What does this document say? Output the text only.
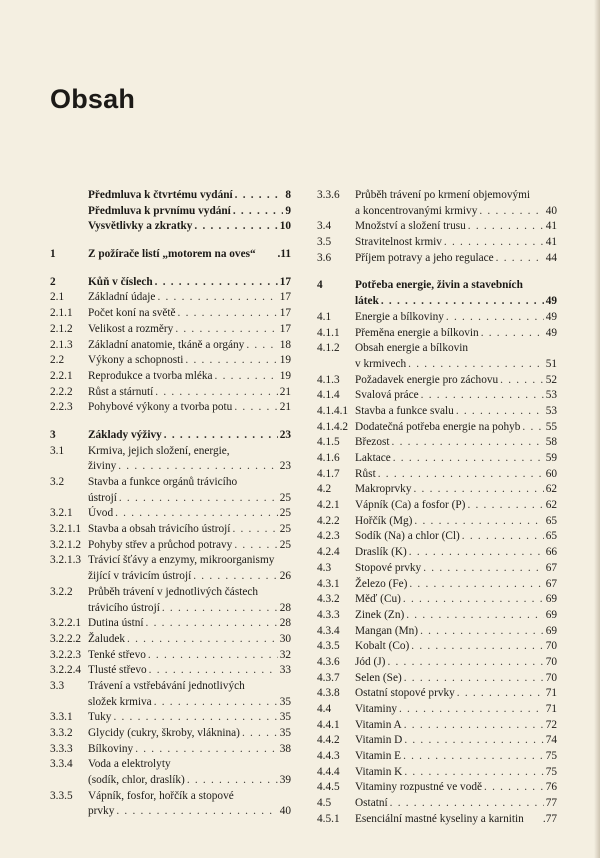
Obsah
Předmluva k čtvrtému vydání . . .	8
Předmluva k prvnímu vydání . . .	9
Vysvětlivky a zkratky . . .	10
1	Z požírače listí „motorem na oves“	. 11
2	Kůň v číslech . . .	17
2.1 Základní údaje . . .	17
2.1.1 Počet koní na světě . . .	17
2.1.2 Velikost a rozměry . . .	17
2.1.3 Základní anatomie, tkáně a orgány . . .	18
2.2 Výkony a schopnosti . . .	19
2.2.1 Reprodukce a tvorba mléka . . .	19
2.2.2 Růst a stárnutí . . .	21
2.2.3 Pohybové výkony a tvorba potu . . .	21
3	Základy výživy . . .	23
3.1 Krmiva, jejich složení, energie,
živiny . . .	23
3.2 Stavba a funkce orgánů trávicího
ústrojí . . .	25
3.2.1 Úvod . . .	25
3.2.1.1 Stavba a obsah trávicího ústrojí . . .	25
3.2.1.2 Pohyby střev a průchod potravy . . .	25
3.2.1.3 Trávicí šťávy a enzymy, mikroorganismy
žijící v trávicím ústrojí . . .	26
3.2.2 Průběh trávení v jednotlivých částech
trávicího ústrojí . . .	28
3.2.2.1 Dutina ústní . . .	28
3.2.2.2 Žaludek . . .	30
3.2.2.3 Tenké střevo . . .	32
3.2.2.4 Tlusté střevo . . .	33
3.3 Trávení a vstřebávání jednotlivých
složek krmiva . . .	35
3.3.1 Tuky . . .	35
3.3.2 Glycidy (cukry, škroby, vláknina) . . .	35
3.3.3 Bílkoviny . . .	38
3.3.4 Voda a elektrolyty
(sodík, chlor, draslík) . . .	39
3.3.5 Vápník, fosfor, hořčík a stopové
prvky . . .	40
3.3.6 Průběh trávení po krmení objemovými
a koncentrovanými krmivy . . .	40
3.4 Množství a složení trusu . . .	41
3.5 Stravitelnost krmiv . . .	41
3.6 Příjem potravy a jeho regulace . . .	44
4	Potřeba energie, živin a stavebních
látek . . .	49
4.1 Energie a bílkoviny . . .	49
4.1.1 Přeměna energie a bílkovin . . .	49
4.1.2 Obsah energie a bílkovin
v krmivech . . .	51
4.1.3 Požadavek energie pro záchovu . . .	52
4.1.4 Svalová práce . . .	53
4.1.4.1 Stavba a funkce svalu . . .	53
4.1.4.2 Dodatečná potřeba energie na pohyb . . . 55
4.1.5 Březost . . .	58
4.1.6 Laktace . . .	59
4.1.7 Růst . . .	60
4.2 Makroprvky . . .	62
4.2.1 Vápník (Ca) a fosfor (P) . . .	62
4.2.2 Hořčík (Mg) . . .	65
4.2.3 Sodík (Na) a chlor (Cl) . . .	65
4.2.4 Draslík (K) . . .	66
4.3 Stopové prvky . . .	67
4.3.1 Železo (Fe) . . .	67
4.3.2 Měď (Cu) . . .	69
4.3.3 Zinek (Zn) . . .	69
4.3.4 Mangan (Mn) . . .	69
4.3.5 Kobalt (Co) . . .	70
4.3.6 Jód (J) . . .	70
4.3.7 Selen (Se) . . .	70
4.3.8 Ostatní stopové prvky . . .	71
4.4 Vitaminy . . .	71
4.4.1 Vitamin A . . .	72
4.4.2 Vitamin D . . .	74
4.4.3 Vitamin E . . .	75
4.4.4 Vitamin K . . .	75
4.4.5 Vitaminy rozpustné ve vodě . . .	76
4.5 Ostatní . . .	77
4.5.1 Esenciální mastné kyseliny a karnitin	. 77
